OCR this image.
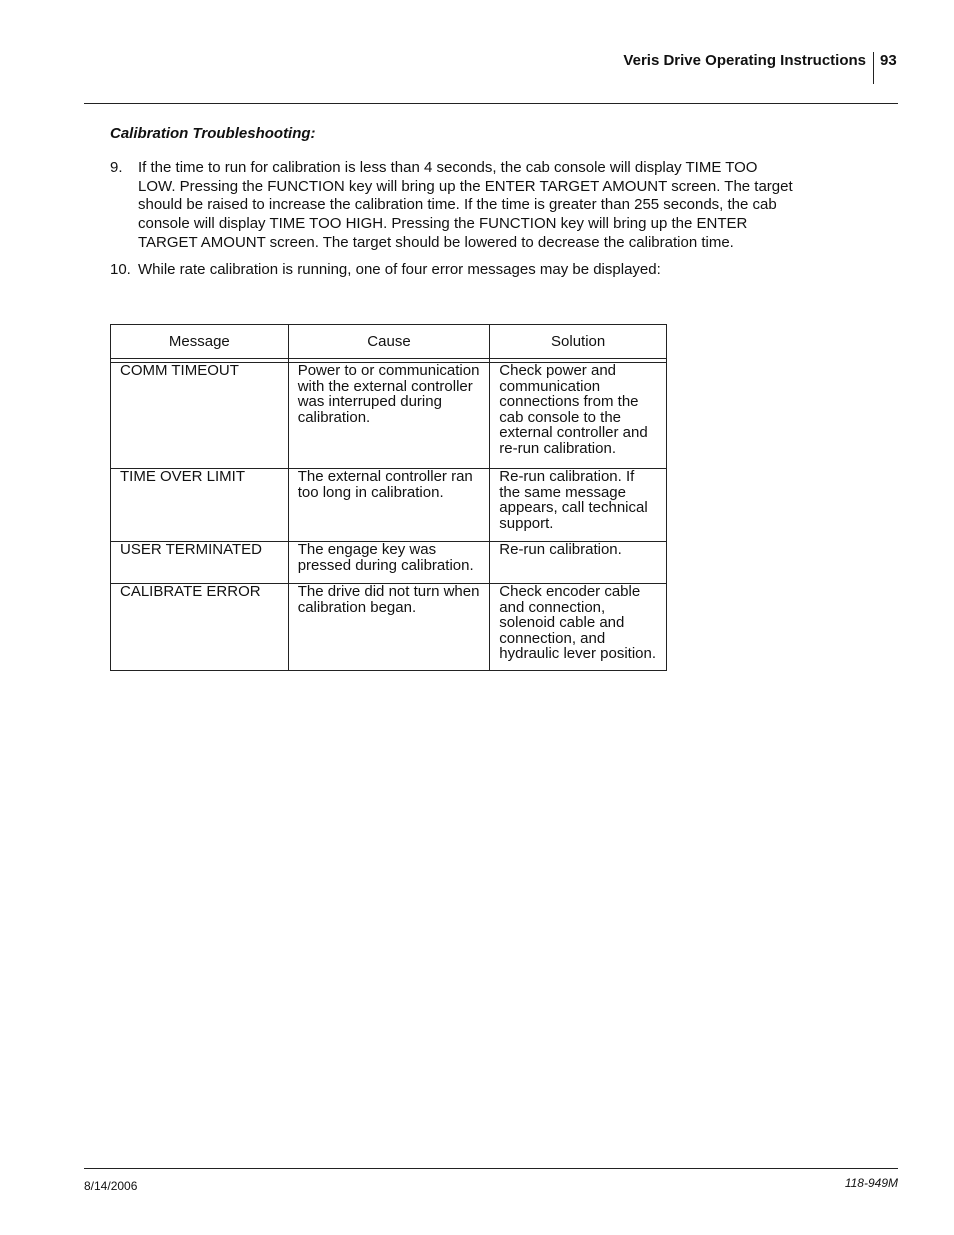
Veris Drive Operating Instructions 93
Calibration Troubleshooting:
9. If the time to run for calibration is less than 4 seconds, the cab console will display TIME TOO LOW. Pressing the FUNCTION key will bring up the ENTER TARGET AMOUNT screen. The target should be raised to increase the calibration time. If the time is greater than 255 seconds, the cab console will display TIME TOO HIGH. Pressing the FUNCTION key will bring up the ENTER TARGET AMOUNT screen. The target should be lowered to decrease the calibration time.
10. While rate calibration is running, one of four error messages may be displayed:
Message	Cause	Solution

COMM TIMEOUT	Power to or communication with the external controller was interruped during calibration.	Check power and communication connections from the cab console to the external controller and re-run calibration.
TIME OVER LIMIT	The external controller ran too long in calibration.	Re-run calibration. If the same message appears, call technical support.
USER TERMINATED	The engage key was pressed during calibration.	Re-run calibration.
CALIBRATE ERROR	The drive did not turn when calibration began.	Check encoder cable and connection, solenoid cable and connection, and hydraulic lever position.
8/14/2006	118-949M
